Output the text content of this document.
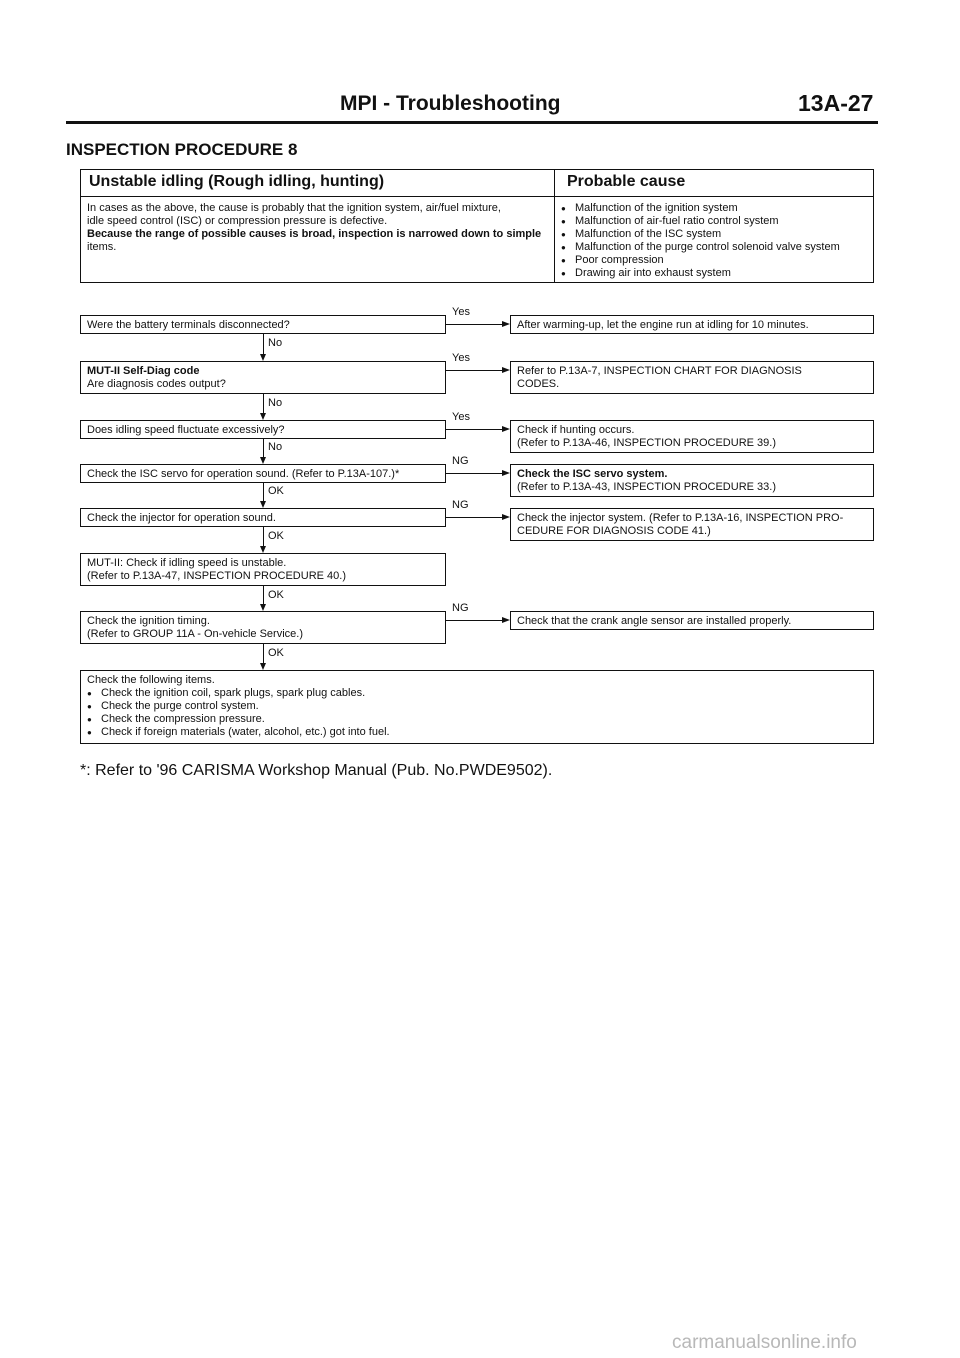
MPI - Troubleshooting	13A-27
INSPECTION PROCEDURE 8
Unstable idling (Rough idling, hunting)	Probable cause
In cases as the above, the cause is probably that the ignition system, air/fuel mixture,
idle speed control (ISC) or compression pressure is defective.
Because the range of possible causes is broad, inspection is narrowed down to simple
items.
● Malfunction of the ignition system
● Malfunction of air-fuel ratio control system
● Malfunction of the ISC system
● Malfunction of the purge control solenoid valve system
● Poor compression
● Drawing air into exhaust system
Were the battery terminals disconnected?
MUT-II Self-Diag code
Are diagnosis codes output?
Does idling speed fluctuate excessively?
Check the ISC servo for operation sound. (Refer to P.13A-107.)*
Check the injector for operation sound.
MUT-II: Check if idling speed is unstable.
(Refer to P.13A-47, INSPECTION PROCEDURE 40.)
Check the ignition timing.
(Refer to GROUP 11A - On-vehicle Service.)
Check the following items.
● Check the ignition coil, spark plugs, spark plug cables.
● Check the purge control system.
● Check the compression pressure.
● Check if foreign materials (water, alcohol, etc.) got into fuel.
After warming-up, let the engine run at idling for 10 minutes.
Refer to P.13A-7, INSPECTION CHART FOR DIAGNOSIS
CODES.
Check if hunting occurs.
(Refer to P.13A-46, INSPECTION PROCEDURE 39.)
Check the ISC servo system.
(Refer to P.13A-43, INSPECTION PROCEDURE 33.)
Check the injector system. (Refer to P.13A-16, INSPECTION PRO-
CEDURE FOR DIAGNOSIS CODE 41.)
Check that the crank angle sensor are installed properly.
No
No
No
OK
OK
OK
OK
Yes
Yes
Yes
NG
NG
NG
*: Refer to '96 CARISMA Workshop Manual (Pub. No.PWDE9502).
carmanualsonline.info
